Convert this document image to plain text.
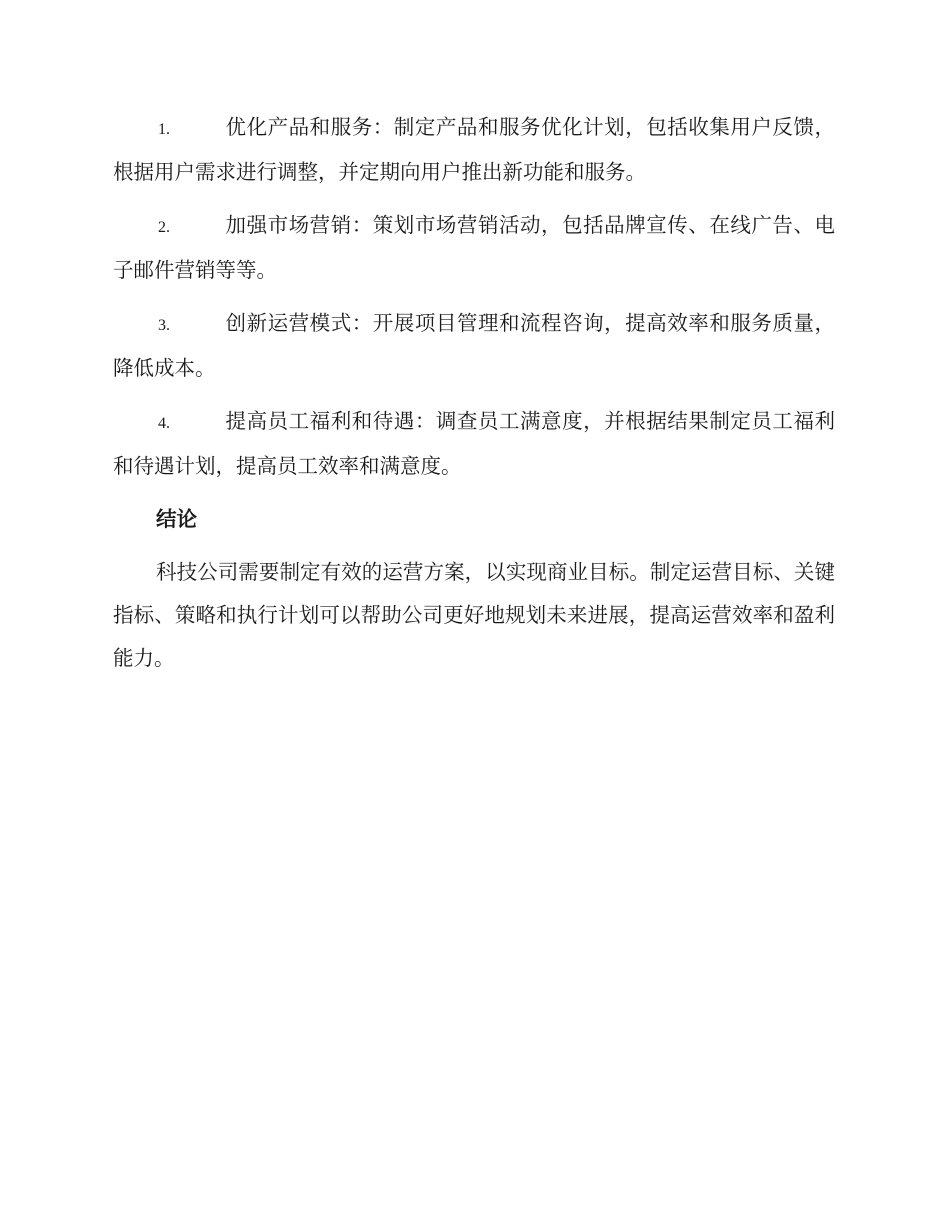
1.	优化产品和服务：制定产品和服务优化计划，包括收集用户反馈，根据用户需求进行调整，并定期向用户推出新功能和服务。

2.	加强市场营销：策划市场营销活动，包括品牌宣传、在线广告、电子邮件营销等等。

3.	创新运营模式：开展项目管理和流程咨询，提高效率和服务质量，降低成本。

4.	提高员工福利和待遇：调查员工满意度，并根据结果制定员工福利和待遇计划，提高员工效率和满意度。

结论

科技公司需要制定有效的运营方案，以实现商业目标。制定运营目标、关键指标、策略和执行计划可以帮助公司更好地规划未来进展，提高运营效率和盈利能力。
